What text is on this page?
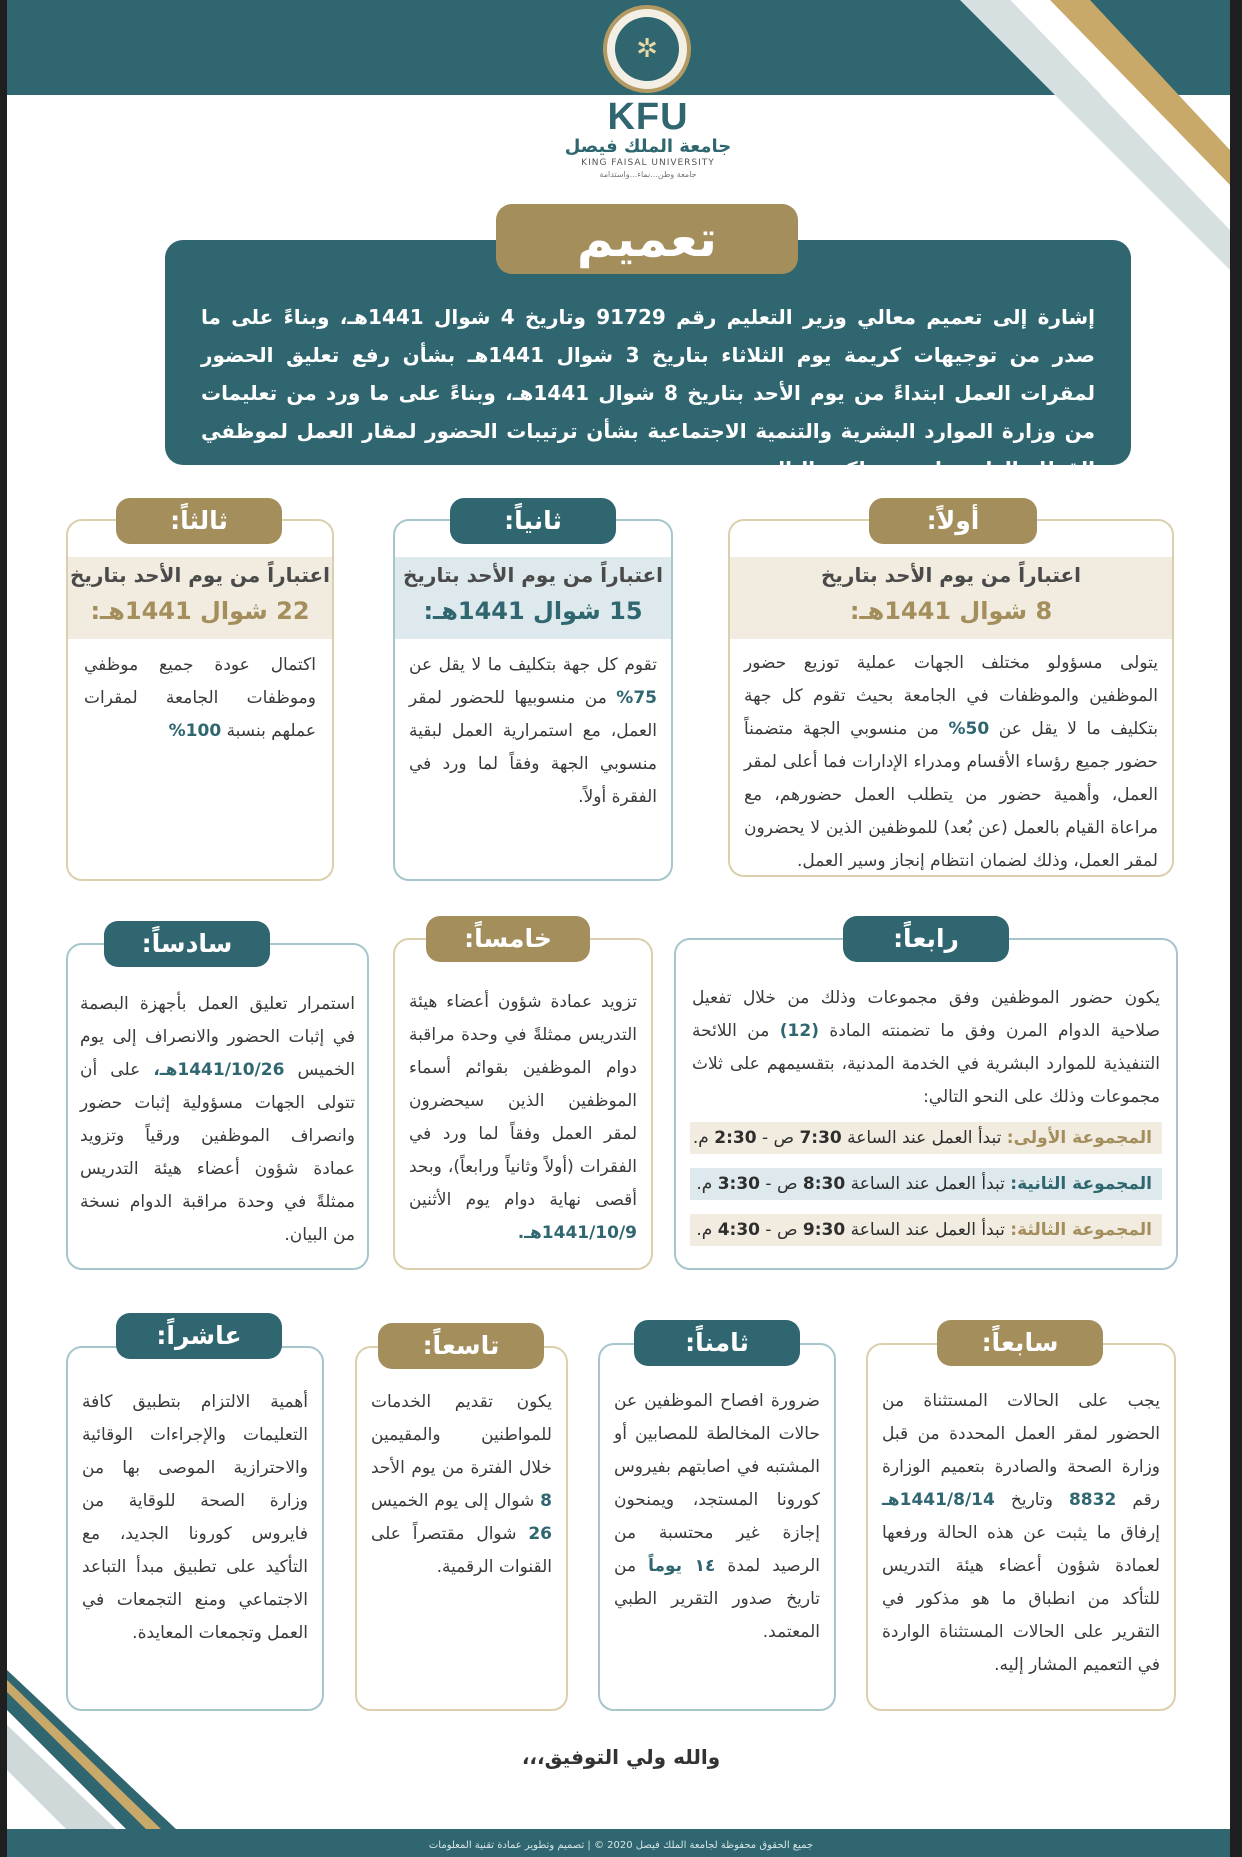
✲
KFU
جامعة الملك فيصل
KING FAISAL UNIVERSITY
جامعة وطن...نماء...واستدامة
تعميم
إشارة إلى تعميم معالي وزير التعليم رقم 91729 وتاريخ 4 شوال 1441هـ، وبناءً على ما صدر من توجيهات كريمة يوم الثلاثاء بتاريخ 3 شوال 1441هـ بشأن رفع تعليق الحضور لمقرات العمل ابتداءً من يوم الأحد بتاريخ 8 شوال 1441هـ، وبناءً على ما ورد من تعليمات من وزارة الموارد البشرية والتنمية الاجتماعية بشأن ترتيبات الحضور لمقار العمل لموظفي القطاع العام، عليه نحيطكم بالتالي:
أولاً:
اعتباراً من يوم الأحد بتاريخ
8 شوال 1441هـ:
يتولى مسؤولو مختلف الجهات عملية توزيع حضور الموظفين والموظفات في الجامعة بحيث تقوم كل جهة بتكليف ما لا يقل عن 50% من منسوبي الجهة متضمناً حضور جميع رؤساء الأقسام ومدراء الإدارات فما أعلى لمقر العمل، وأهمية حضور من يتطلب العمل حضورهم، مع مراعاة القيام بالعمل (عن بُعد) للموظفين الذين لا يحضرون لمقر العمل، وذلك لضمان انتظام إنجاز وسير العمل.
ثانياً:
اعتباراً من يوم الأحد بتاريخ
15 شوال 1441هـ:
تقوم كل جهة بتكليف ما لا يقل عن 75% من منسوبيها للحضور لمقر العمل، مع استمرارية العمل لبقية منسوبي الجهة وفقاً لما ورد في الفقرة أولاً.
ثالثاً:
اعتباراً من يوم الأحد بتاريخ
22 شوال 1441هـ:
اكتمال عودة جميع موظفي وموظفات الجامعة لمقرات عملهم بنسبة 100%
رابعاً:
يكون حضور الموظفين وفق مجموعات وذلك من خلال تفعيل صلاحية الدوام المرن وفق ما تضمنته المادة (12) من اللائحة التنفيذية للموارد البشرية في الخدمة المدنية، بتقسيمهم على ثلاث مجموعات وذلك على النحو التالي:
المجموعة الأولى: تبدأ العمل عند الساعة 7:30 ص - 2:30 م.
المجموعة الثانية: تبدأ العمل عند الساعة 8:30 ص - 3:30 م.
المجموعة الثالثة: تبدأ العمل عند الساعة 9:30 ص - 4:30 م.
خامساً:
تزويد عمادة شؤون أعضاء هيئة التدريس ممثلةً في وحدة مراقبة دوام الموظفين بقوائم أسماء الموظفين الذين سيحضرون لمقر العمل وفقاً لما ورد في الفقرات (أولاً وثانياً ورابعاً)، وبحد أقصى نهاية دوام يوم الأثنين 1441/10/9هـ.
سادساً:
استمرار تعليق العمل بأجهزة البصمة في إثبات الحضور والانصراف إلى يوم الخميس 1441/10/26هـ، على أن تتولى الجهات مسؤولية إثبات حضور وانصراف الموظفين ورقياً وتزويد عمادة شؤون أعضاء هيئة التدريس ممثلةً في وحدة مراقبة الدوام نسخة من البيان.
سابعاً:
يجب على الحالات المستثناة من الحضور لمقر العمل المحددة من قبل وزارة الصحة والصادرة بتعميم الوزارة رقم 8832 وتاريخ 1441/8/14هـ إرفاق ما يثبت عن هذه الحالة ورفعها لعمادة شؤون أعضاء هيئة التدريس للتأكد من انطباق ما هو مذكور في التقرير على الحالات المستثناة الواردة في التعميم المشار إليه.
ثامناً:
ضرورة افصاح الموظفين عن حالات المخالطة للمصابين أو المشتبه في اصابتهم بفيروس كورونا المستجد، ويمنحون إجازة غير محتسبة من الرصيد لمدة ١٤ يوماً من تاريخ صدور التقرير الطبي المعتمد.
تاسعاً:
يكون تقديم الخدمات للمواطنين والمقيمين خلال الفترة من يوم الأحد 8 شوال إلى يوم الخميس 26 شوال مقتصراً على القنوات الرقمية.
عاشراً:
أهمية الالتزام بتطبيق كافة التعليمات والإجراءات الوقائية والاحترازية الموصى بها من وزارة الصحة للوقاية من فايروس كورونا الجديد، مع التأكيد على تطبيق مبدأ التباعد الاجتماعي ومنع التجمعات في العمل وتجمعات المعايدة.
والله ولي التوفيق،،،
جميع الحقوق محفوظة لجامعة الملك فيصل 2020 © | تصميم وتطوير عمادة تقنية المعلومات
